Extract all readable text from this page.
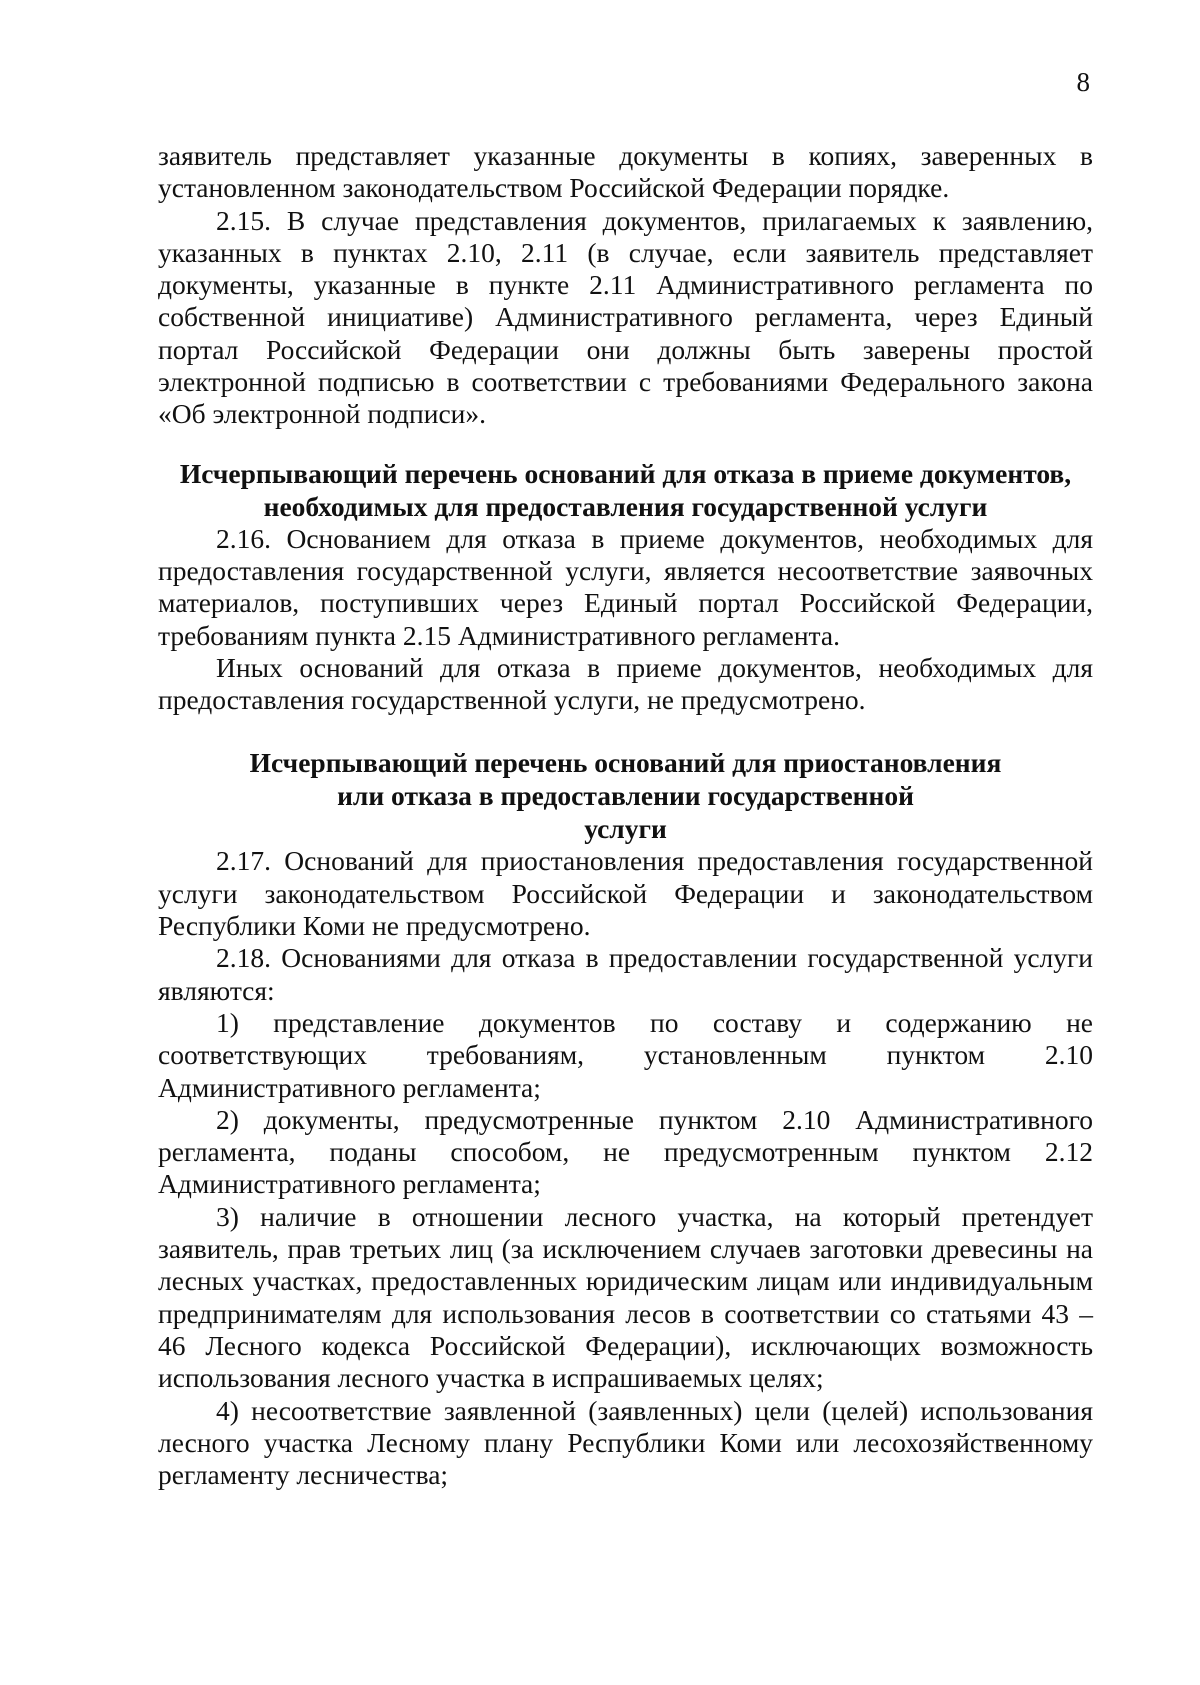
8

заявитель представляет указанные документы в копиях, заверенных в установленном законодательством Российской Федерации порядке.

2.15. В случае представления документов, прилагаемых к заявлению, указанных в пунктах 2.10, 2.11 (в случае, если заявитель представляет документы, указанные в пункте 2.11 Административного регламента по собственной инициативе) Административного регламента, через Единый портал Российской Федерации они должны быть заверены простой электронной подписью в соответствии с требованиями Федерального закона «Об электронной подписи».

Исчерпывающий перечень оснований для отказа в приеме документов,
необходимых для предоставления государственной услуги

2.16. Основанием для отказа в приеме документов, необходимых для предоставления государственной услуги, является несоответствие заявочных материалов, поступивших через Единый портал Российской Федерации, требованиям пункта 2.15 Административного регламента.

Иных оснований для отказа в приеме документов, необходимых для предоставления государственной услуги, не предусмотрено.

Исчерпывающий перечень оснований для приостановления
или отказа в предоставлении государственной
услуги

2.17. Оснований для приостановления предоставления государственной услуги законодательством Российской Федерации и законодательством Республики Коми не предусмотрено.

2.18. Основаниями для отказа в предоставлении государственной услуги являются:

1) представление документов по составу и содержанию не соответствующих требованиям, установленным пунктом 2.10 Административного регламента;

2) документы, предусмотренные пунктом 2.10 Административного регламента, поданы способом, не предусмотренным пунктом 2.12 Административного регламента;

3) наличие в отношении лесного участка, на который претендует заявитель, прав третьих лиц (за исключением случаев заготовки древесины на лесных участках, предоставленных юридическим лицам или индивидуальным предпринимателям для использования лесов в соответствии со статьями 43 – 46 Лесного кодекса Российской Федерации), исключающих возможность использования лесного участка в испрашиваемых целях;

4) несоответствие заявленной (заявленных) цели (целей) использования лесного участка Лесному плану Республики Коми или лесохозяйственному регламенту лесничества;
